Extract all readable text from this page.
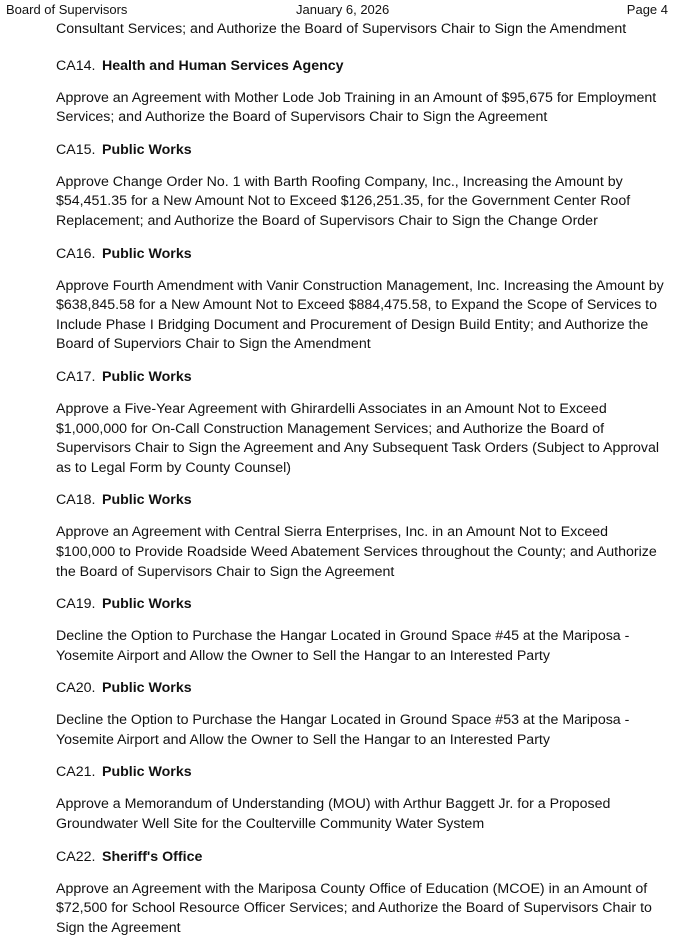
Board of Supervisors	January 6, 2026	Page 4

Consultant Services; and Authorize the Board of Supervisors Chair to Sign the Amendment

CA14. Health and Human Services Agency

Approve an Agreement with Mother Lode Job Training in an Amount of $95,675 for Employment Services; and Authorize the Board of Supervisors Chair to Sign the Agreement

CA15. Public Works

Approve Change Order No. 1 with Barth Roofing Company, Inc., Increasing the Amount by $54,451.35 for a New Amount Not to Exceed $126,251.35, for the Government Center Roof Replacement; and Authorize the Board of Supervisors Chair to Sign the Change Order

CA16. Public Works

Approve Fourth Amendment with Vanir Construction Management, Inc. Increasing the Amount by $638,845.58 for a New Amount Not to Exceed $884,475.58, to Expand the Scope of Services to Include Phase I Bridging Document and Procurement of Design Build Entity; and Authorize the Board of Superviors Chair to Sign the Amendment

CA17. Public Works

Approve a Five-Year Agreement with Ghirardelli Associates in an Amount Not to Exceed $1,000,000 for On-Call Construction Management Services; and Authorize the Board of Supervisors Chair to Sign the Agreement and Any Subsequent Task Orders (Subject to Approval as to Legal Form by County Counsel)

CA18. Public Works

Approve an Agreement with Central Sierra Enterprises, Inc. in an Amount Not to Exceed $100,000 to Provide Roadside Weed Abatement Services throughout the County; and Authorize the Board of Supervisors Chair to Sign the Agreement

CA19. Public Works

Decline the Option to Purchase the Hangar Located in Ground Space #45 at the Mariposa - Yosemite Airport and Allow the Owner to Sell the Hangar to an Interested Party

CA20. Public Works

Decline the Option to Purchase the Hangar Located in Ground Space #53 at the Mariposa - Yosemite Airport and Allow the Owner to Sell the Hangar to an Interested Party

CA21. Public Works

Approve a Memorandum of Understanding (MOU) with Arthur Baggett Jr. for a Proposed Groundwater Well Site for the Coulterville Community Water System

CA22. Sheriff's Office

Approve an Agreement with the Mariposa County Office of Education (MCOE) in an Amount of $72,500 for School Resource Officer Services; and Authorize the Board of Supervisors Chair to Sign the Agreement
